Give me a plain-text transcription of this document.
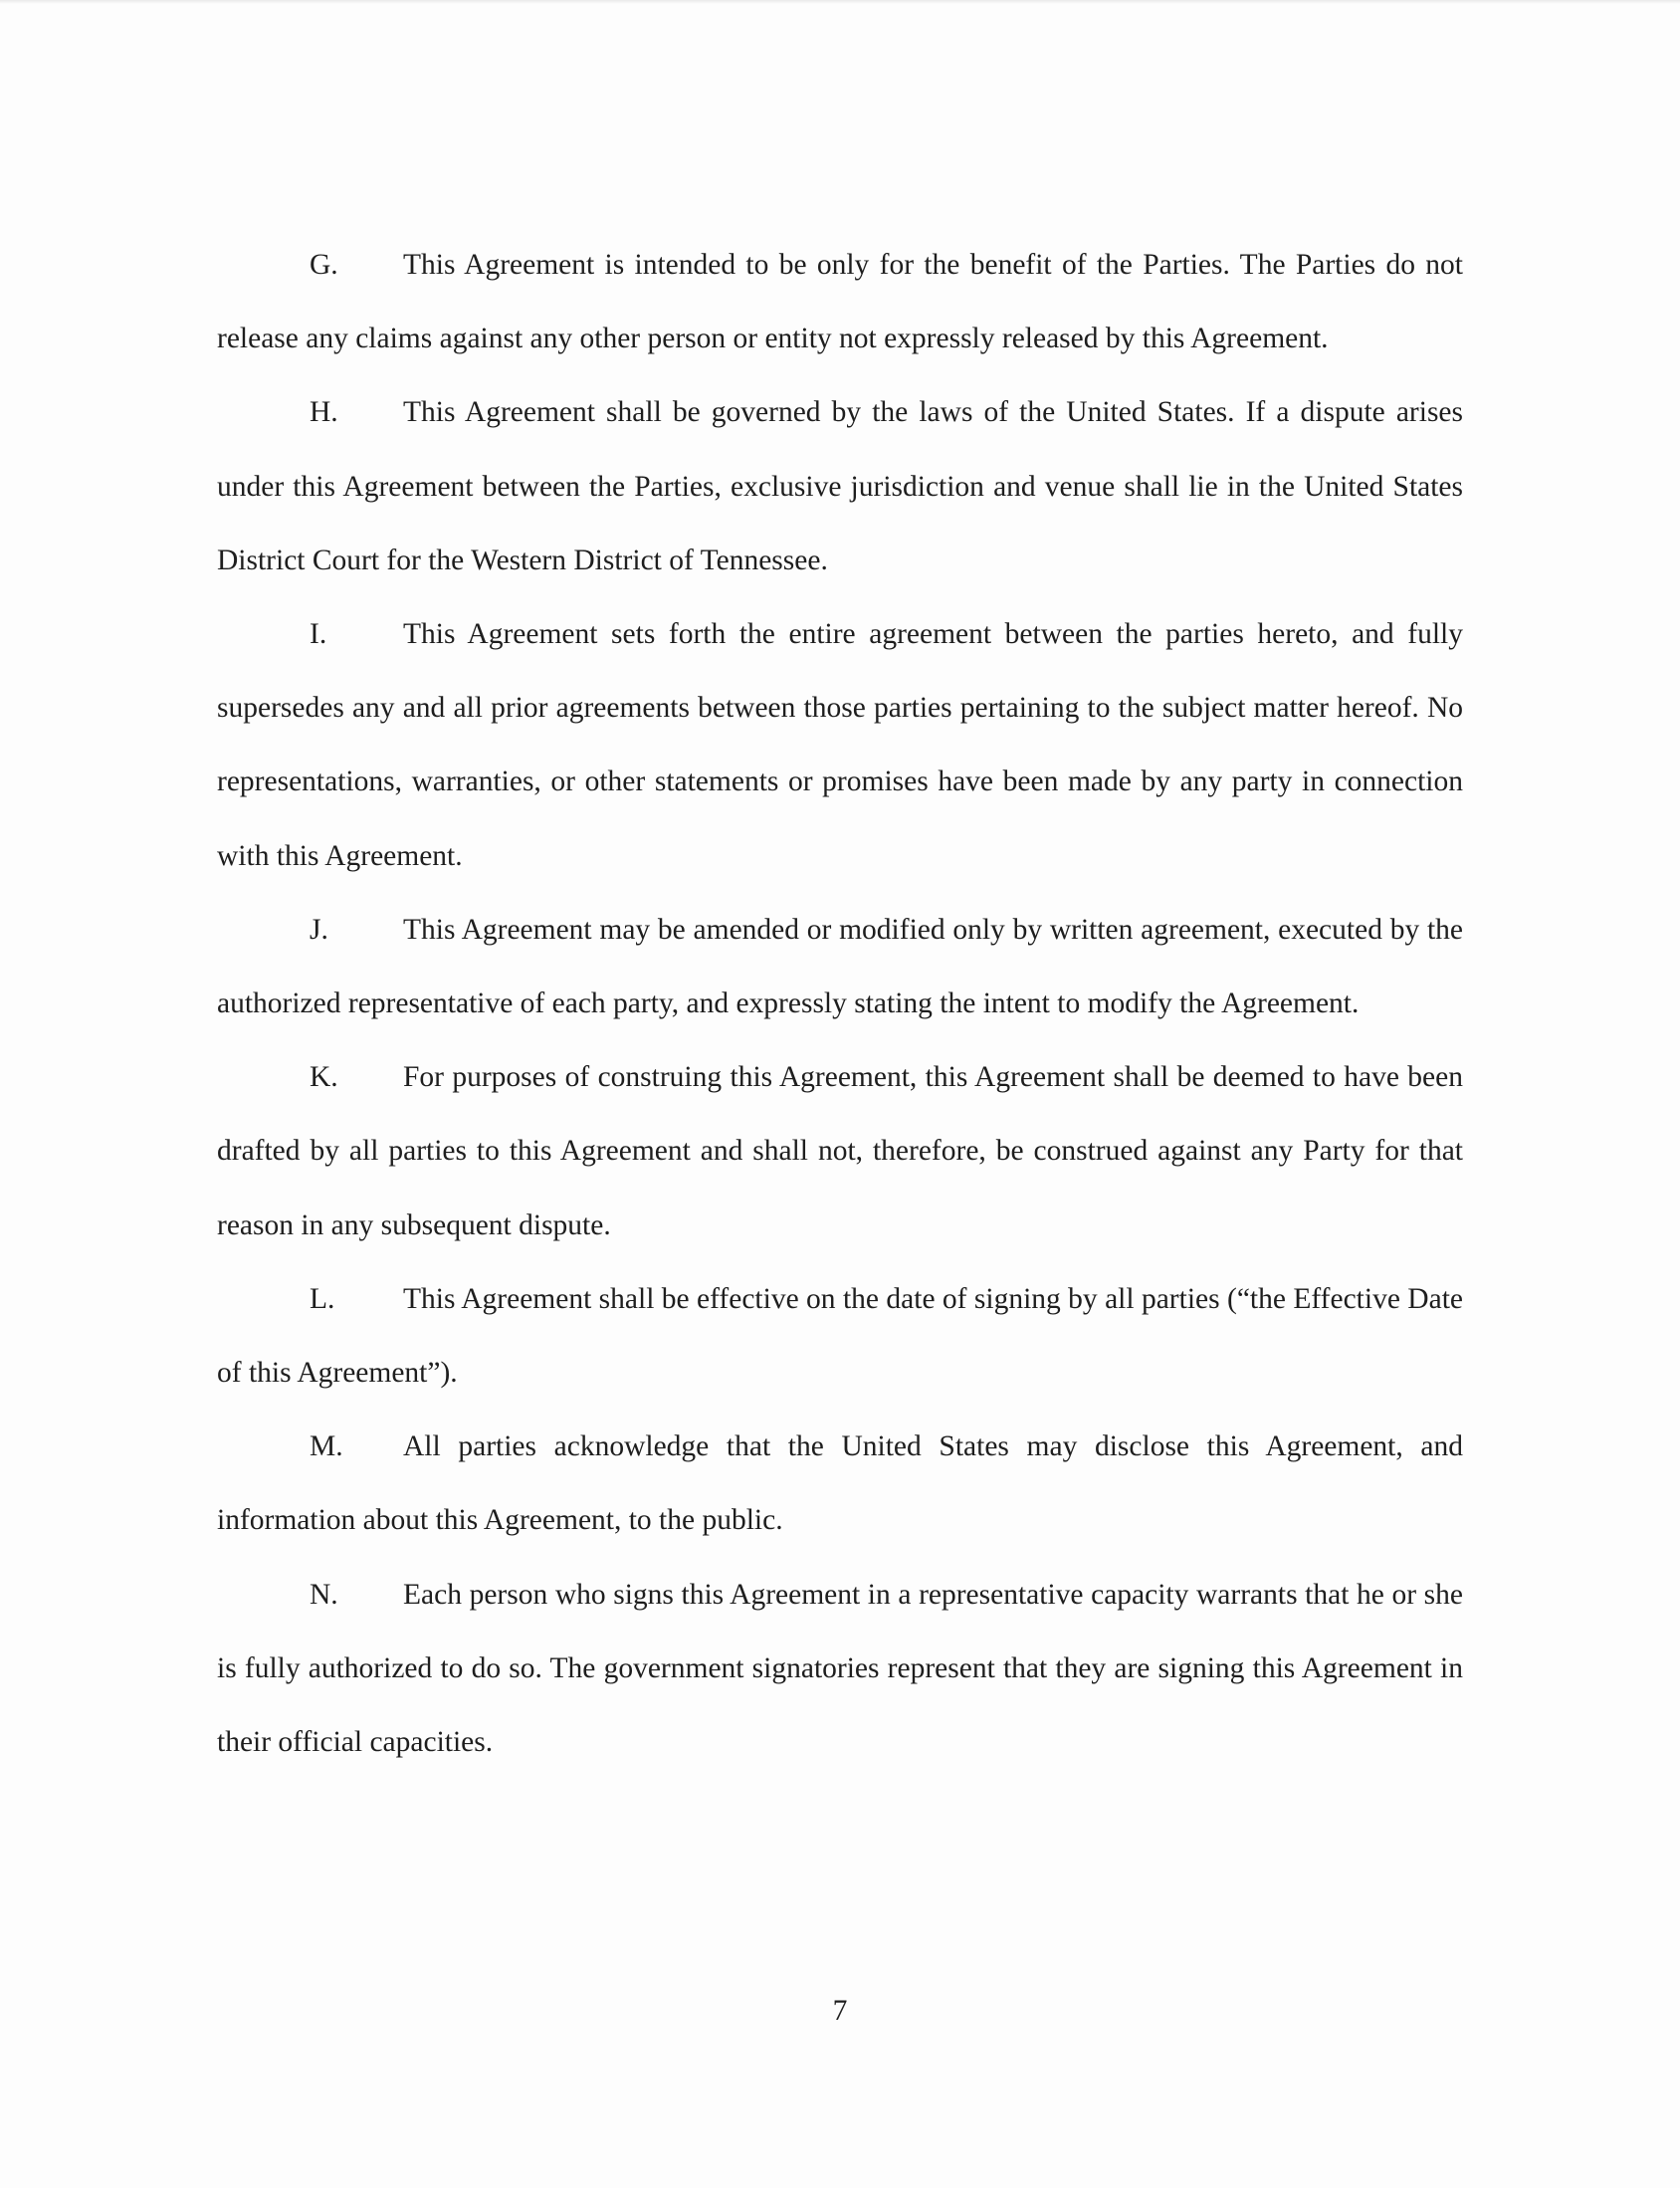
G. This Agreement is intended to be only for the benefit of the Parties. The Parties do not release any claims against any other person or entity not expressly released by this Agreement.

H. This Agreement shall be governed by the laws of the United States. If a dispute arises under this Agreement between the Parties, exclusive jurisdiction and venue shall lie in the United States District Court for the Western District of Tennessee.

I.	This Agreement sets forth the entire agreement between the parties hereto, and fully supersedes any and all prior agreements between those parties pertaining to the subject matter hereof. No representations, warranties, or other statements or promises have been made by any party in connection with this Agreement.

J.	This Agreement may be amended or modified only by written agreement, executed by the authorized representative of each party, and expressly stating the intent to modify the Agreement.

K. For purposes of construing this Agreement, this Agreement shall be deemed to have been drafted by all parties to this Agreement and shall not, therefore, be construed against any Party for that reason in any subsequent dispute.

L. This Agreement shall be effective on the date of signing by all parties (“the Effective Date of this Agreement”).

M. All parties acknowledge that the United States may disclose this Agreement, and information about this Agreement, to the public.

N. Each person who signs this Agreement in a representative capacity warrants that he or she is fully authorized to do so. The government signatories represent that they are signing this Agreement in their official capacities.

7
